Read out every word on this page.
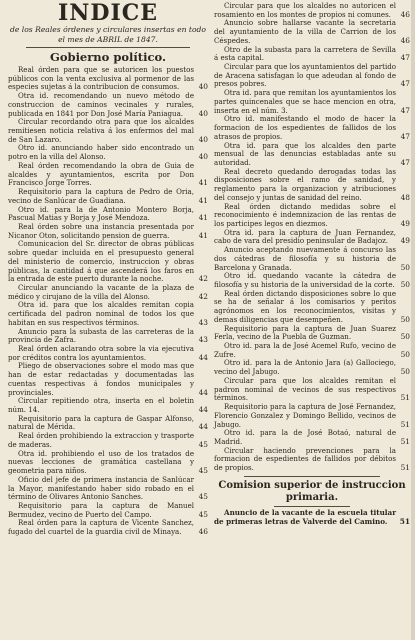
INDICE
de los Reales órdenes y circulares insertas en todo el mes de ABRIL de 1847.
Gobierno político.

Real órden para que se autoricen los puestos públicos con la venta exclusiva al pormenor de las especies sujetas á la contribucion de consumos.	40

Otra id. recomendando un nuevo método de construccion de caminos vecinales y rurales, publicada en 1841 por Don José María Paniagua.	40

Circular recordando otra para que los alcaldes remitiesen noticia relativa á los enfermos del mal de San Lazaro.	40

Otro id. anunciando haber sido encontrado un potro en la villa del Alonso.	40

Real órden recomendando la obra de Guia de alcaldes y ayuntamientos, escrita por Don Francisco Jorge Torres.	41

Requisitorio para la captura de Pedro de Oria, vecino de Sanlúcar de Guadiana.	41

Otro id. para la de Antonio Montero Borja, Pascual Matias y Borja y José Mendoza.	41

Real órden sobre una instancia presentada por Nicanor Oton, solicitando pension de guerra.	41

Comunicacion del Sr. director de obras públicas sobre quedar incluida en el presupuesto general del ministerio de comercio, instruccion y obras públicas, la cantidad á que ascenderá los faros en la entrada de este puerto durante la noche.	42

Circular anunciando la vacante de la plaza de médico y cirujano de la villa del Alonso.	42

Otra id. para que los alcaldes remitan copia certificada del padron nominal de todos los que habitan en sus respectivos términos.	43

Anuncio para la subasta de las carreteras de la provincia de Zafra.	43

Real órden aclarando otra sobre la via ejecutiva por créditos contra los ayuntamientos.	44

Pliego de observaciones sobre el modo mas que han de estar redactadas y documentadas las cuentas respectivas á fondos municipales y provinciales.	44

Circular repitiendo otra, inserta en el boletin núm. 14.	44

Requisitorio para la captura de Gaspar Alfonso, natural de Mérida.	44

Real órden prohibiendo la extraccion y trasporte de maderas.	45

Otra id. prohibiendo el uso de los tratados de nuevas lecciones de gramática castellana y geometria para niños.	45

Oficio del jefe de primera instancia de Sanlúcar la Mayor, manifestando haber sido robado en el término de Olivares Antonio Sanches.	45

Requisitorio para la captura de Manuel Bermudez, vecino de Puerto del Campo.	45

Real órden para la captura de Vicente Sanchez, fugado del cuartel de la guardia civil de Minaya.	46

Circular para que los alcaldes no autoricen el rosamiento en los montes de propios ni comunes.	46

Anuncio sobre hallarse vacante la secretaria del ayuntamiento de la villa de Carrion de los Céspedes.	46

Otro de la subasta para la carretera de Sevilla á esta capital.	47

Circular para que los ayuntamientos del partido de Aracena satisfagan lo que adeudan al fondo de presos pobres.	47

Otra id. para que remitan los ayuntamientos los partes quincenales que se hace mencion en otra, inserta en el núm. 3.	47

Otro id. manifestando el modo de hacer la formacion de los espedientes de fallidos de los atrasos de propios.	47

Otra id. para que los alcaldes den parte mensual de las denuncias establadas ante su autoridad.	47

Real decreto quedando derogadas todas las disposiciones sobre el ramo de sanidad, y reglamento para la organizacion y atribuciones del consejo y juntas de sanidad del reino.	48

Real órden dictando medidas sobre el reconocimiento é indemnizacion de las rentas de los participes legos en diezmos.	49

Otra id. para la captura de Juan Fernandez, cabo de vara del presidio peninsular de Badajoz.	49

Anuncio aceptando nuevamente á concurso las dos cátedras de filosofía y su historia de Barcelona y Granada.	50

Otro id. quedando vacante la cátedra de filosofía y su historia de la universidad de la corte. 50

Real órden dictando disposiciones sobre lo que se ha de señalar á los comisarios y peritos agrónomos en los reconocimientos, visitas y demas diligencias que desempeñen.	50

Requisitorio para la captura de Juan Suarez Ferla, vecino de la Puebla de Guzman.	50

Otro id. para la de José Acemel Rufo, vecino de Zufre.	50

Otro id. para la de Antonio Jara (a) Gallociego, vecino del Jabugo.	50

Circular para que los alcaldes remitan el padron nominal de vecinos de sus respectivos términos.	51

Requisitorio para la captura de José Fernandez, Florencio Gonzalez y Domingo Bellido, vecinos de Jabugo.	51

Otro id. para la de José Botaó, natural de Madrid.	51

Circular haciendo prevenciones para la formacion de espedientes de fallidos por débitos de propios.	51

Comision superior de instruccion primaria.

Anuncio de la vacante de la escuela titular de primeras letras de Valverde del Camino.	51
